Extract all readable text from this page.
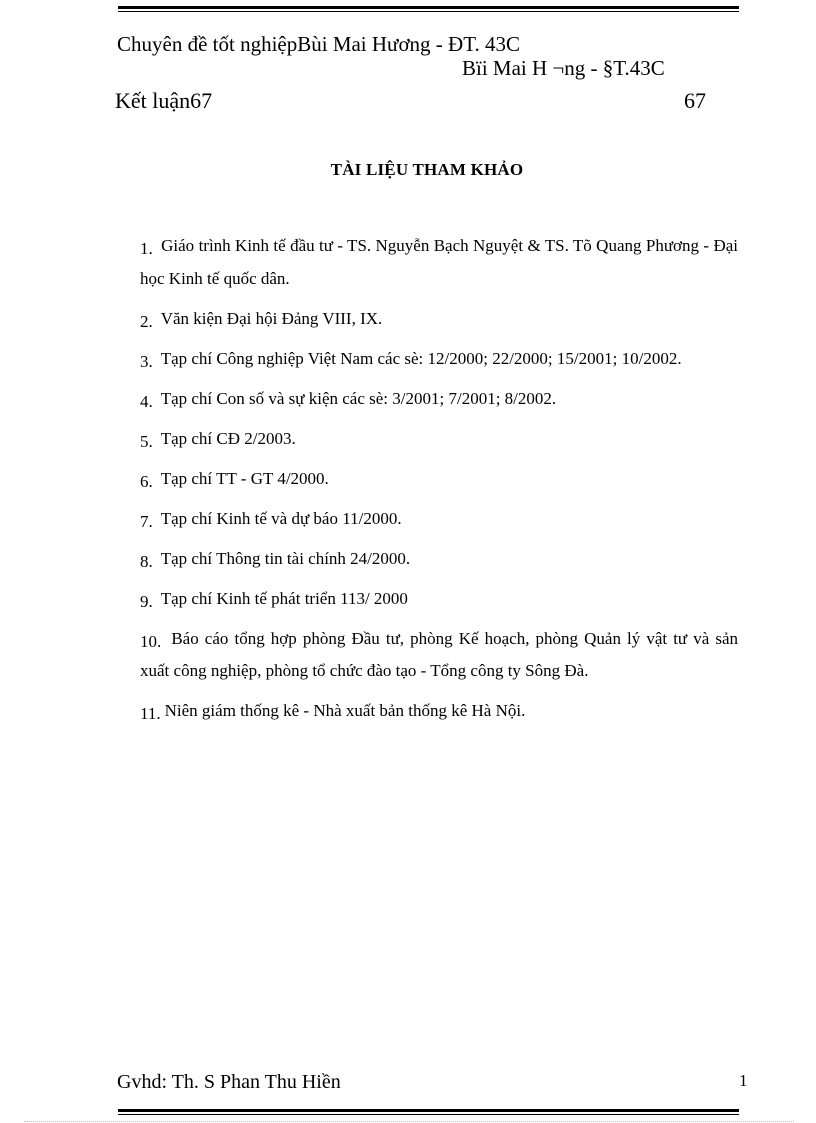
Chuyên đề tốt nghiệpBùi Mai Hương - ĐT. 43C
Bïi Mai H ¬ng - §T.43C
Kết luận67	67
TÀI LIỆU THAM KHẢO

1. Giáo trình Kinh tế đầu tư - TS. Nguyễn Bạch Nguyệt & TS. Tõ Quang Phương - Đại học Kinh tế quốc dân.

2. Văn kiện Đại hội Đảng VIII, IX.

3. Tạp chí Công nghiệp Việt Nam các sè: 12/2000; 22/2000; 15/2001; 10/2002.

4. Tạp chí Con số và sự kiện các sè: 3/2001; 7/2001; 8/2002.

5. Tạp chí CĐ 2/2003.

6. Tạp chí TT - GT 4/2000.

7. Tạp chí Kinh tế và dự báo 11/2000.

8. Tạp chí Thông tin tài chính 24/2000.

9. Tạp chí Kinh tế phát triển 113/ 2000

10. Báo cáo tổng hợp phòng Đầu tư, phòng Kế hoạch, phòng Quản lý vật tư và sản xuất công nghiệp, phòng tổ chức đào tạo - Tổng công ty Sông Đà.

11. Niên giám thống kê - Nhà xuất bản thống kê Hà Nội.

Gvhd: Th. S Phan Thu Hiền	1
